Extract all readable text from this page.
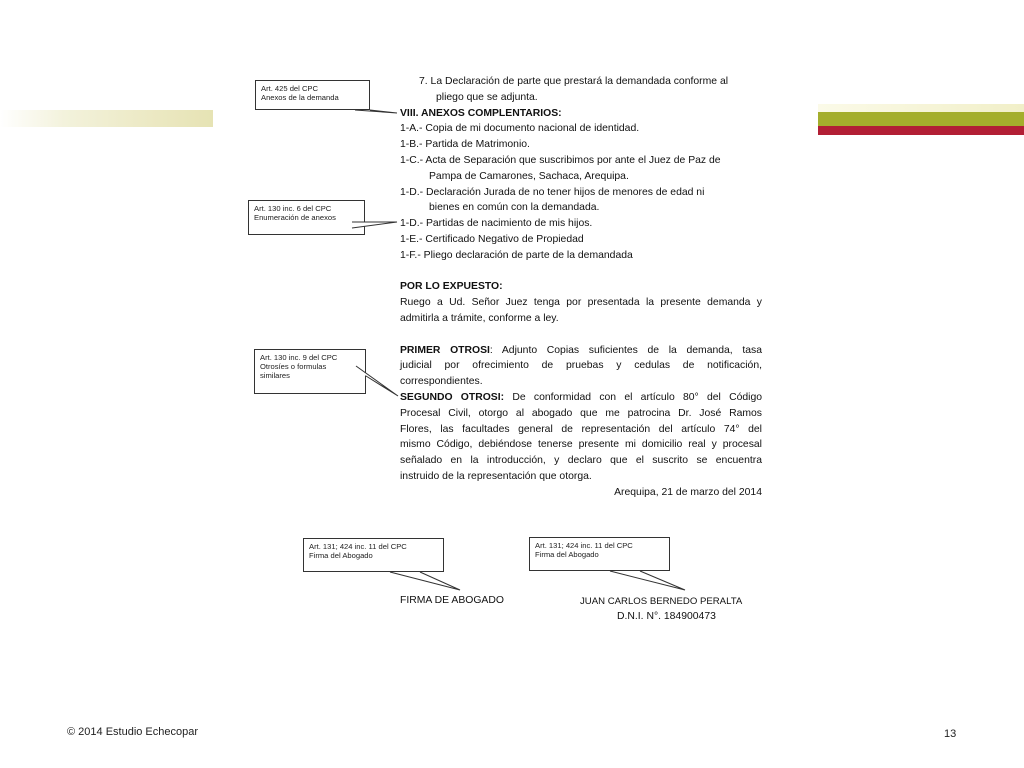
7. La Declaración de parte que prestará la demandada conforme al
pliego que se adjunta.
VIII. ANEXOS COMPLENTARIOS:
1-A.- Copia de mi documento nacional de identidad.
1-B.- Partida de Matrimonio.
1-C.- Acta de Separación que suscribimos por ante el Juez de Paz de
Pampa de Camarones, Sachaca, Arequipa.
1-D.- Declaración Jurada de no tener hijos de menores de edad ni
bienes en común con la demandada.
1-D.- Partidas de nacimiento de mis hijos.
1-E.- Certificado Negativo de Propiedad
1-F.- Pliego declaración de parte de la demandada
POR LO EXPUESTO:
Ruego a Ud. Señor Juez tenga por presentada la presente demanda y
admitirla a trámite, conforme a ley.
PRIMER OTROSI: Adjunto Copias suficientes de la demanda, tasa
judicial por ofrecimiento de pruebas y cedulas de notificación,
correspondientes.
SEGUNDO OTROSI: De conformidad con el artículo 80° del Código
Procesal Civil, otorgo al abogado que me patrocina Dr. José Ramos
Flores, las facultades general de representación del artículo 74° del
mismo Código, debiéndose tenerse presente mi domicilio real y procesal
señalado en la introducción, y declaro que el suscrito se encuentra
instruido de la representación que otorga.
Arequipa, 21 de marzo del 2014
Art. 425 del CPC
Anexos de la demanda
Art. 130 inc. 6 del CPC
Enumeración de anexos
Art. 130 inc. 9 del CPC
Otrosíes o formulas
similares
Art. 131; 424 inc. 11 del CPC
Firma del Abogado
Art. 131; 424 inc. 11 del CPC
Firma del Abogado
FIRMA DE ABOGADO	JUAN CARLOS BERNEDO PERALTA
D.N.I. N°. 184900473
© 2014 Estudio Echecopar	13
